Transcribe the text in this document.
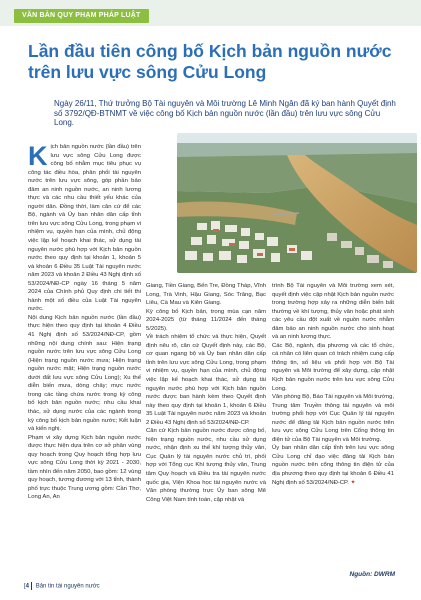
VĂN BẢN QUY PHẠM PHÁP LUẬT
Lần đầu tiên công bố Kịch bản nguồn nước trên lưu vực sông Cửu Long

Ngày 26/11, Thứ trưởng Bộ Tài nguyên và Môi trường Lê Minh Ngân đã ký ban hành Quyết định số 3792/QĐ-BTNMT về việc công bố Kịch bản nguồn nước (lần đầu) trên lưu vực sông Cửu Long.

Kịch bản nguồn nước (lần đầu) trên lưu vực sông Cửu Long được công bố nhằm mục tiêu phục vụ công tác điều hòa, phân phối tài nguyên nước trên lưu vực sông, góp phần bảo đảm an ninh nguồn nước, an ninh lương thực và các nhu cầu thiết yếu khác của người dân. Đồng thời, làm căn cứ để các Bộ, ngành và Ủy ban nhân dân cấp tỉnh trên lưu vực sông Cửu Long, trong phạm vi nhiệm vụ, quyền hạn của mình, chủ động việc lập kế hoạch khai thác, sử dụng tài nguyên nước phù hợp với Kịch bản nguồn nước theo quy định tại khoản 1, khoản 5 và khoản 6 Điều 35 Luật Tài nguyên nước năm 2023 và khoản 2 Điều 43 Nghị định số 53/2024/NĐ-CP ngày 16 tháng 5 năm 2024 của Chính phủ Quy định chi tiết thi hành một số điều của Luật Tài nguyên nước.

Nội dung Kịch bản nguồn nước (lần đầu) thực hiện theo quy định tại khoản 4 Điều 41 Nghị định số 53/2024/NĐ-CP, gồm những nội dung chính sau: Hiện trạng nguồn nước trên lưu vực sông Cửu Long (Hiện trạng nguồn nước mưa; Hiện trạng nguồn nước mặt; Hiện trạng nguồn nước dưới đất lưu vực sông Cửu Long); Xu thế diễn biến mưa, dòng chảy; mực nước trong các tầng chứa nước trong kỳ công bố kịch bản nguồn nước; nhu cầu khai thác, sử dụng nước của các ngành trong kỳ công bố kịch bản nguồn nước; Kết luận và kiến nghị.

Phạm vi xây dựng Kịch bản nguồn nước được thực hiện dựa trên cơ sở phân vùng quy hoạch trong Quy hoạch tổng hợp lưu vực sông Cửu Long thời kỳ 2021 - 2030, tầm nhìn đến năm 2050, bao gồm: 12 vùng quy hoạch, tương đương với 13 tỉnh, thành phố trực thuộc Trung ương gồm: Cần Thơ, Long An, An

Giang, Tiền Giang, Bến Tre, Đồng Tháp, Vĩnh Long, Trà Vinh, Hậu Giang, Sóc Trăng, Bạc Liêu, Cà Mau và Kiên Giang.

Kỳ công bố Kịch bản, trong mùa cạn năm 2024-2025 (từ tháng 11/2024 đến tháng 5/2025).

Về trách nhiệm tổ chức và thực hiện, Quyết định nêu rõ, căn cứ Quyết định này, các Bộ, cơ quan ngang bộ và Ủy ban nhân dân cấp tỉnh trên lưu vực sông Cửu Long, trong phạm vi nhiệm vụ, quyền hạn của mình, chủ động việc lập kế hoạch khai thác, sử dụng tài nguyên nước phù hợp với Kịch bản nguồn nước được ban hành kèm theo Quyết định này theo quy định tại khoản 1, khoản 6 Điều 35 Luật Tài nguyên nước năm 2023 và khoản 2 Điều 43 Nghị định số 53/2024/NĐ-CP.

Căn cứ Kịch bản nguồn nước được công bố, hiện trạng nguồn nước, nhu cầu sử dụng nước, nhận định xu thế khí tượng thủy văn, Cục Quản lý tài nguyên nước chủ trì, phối hợp với Tổng cục Khí tượng thủy văn, Trung tâm Quy hoạch và Điều tra tài nguyên nước quốc gia, Viện Khoa học tài nguyên nước và Văn phòng thường trực Ủy ban sông Mê Công Việt Nam tính toán, cập nhật và

trình Bộ Tài nguyên và Môi trường xem xét, quyết định việc cập nhật Kịch bản nguồn nước trong trường hợp xảy ra những diễn biến bất thường về khí tượng, thủy văn hoặc phát sinh các yêu cầu đột xuất về nguồn nước nhằm đảm bảo an ninh nguồn nước cho sinh hoạt và an ninh lương thực.

Các Bộ, ngành, địa phương và các tổ chức, cá nhân có liên quan có trách nhiệm cung cấp thông tin, số liệu và phối hợp với Bộ Tài nguyên và Môi trường để xây dựng, cập nhật Kịch bản nguồn nước trên lưu vực sông Cửu Long.

Văn phòng Bộ, Báo Tài nguyên và Môi trường, Trung tâm Truyền thông tài nguyên và môi trường phối hợp với Cục Quản lý tài nguyên nước để đăng tải Kịch bản nguồn nước trên lưu vực sông Cửu Long trên Cổng thông tin điện tử của Bộ Tài nguyên và Môi trường.

Ủy ban nhân dân cấp tỉnh trên lưu vực sông Cửu Long chỉ đạo việc đăng tải Kịch bản nguồn nước trên cổng thông tin điện tử của địa phương theo quy định tại khoản 6 Điều 41 Nghị định số 53/2024/NĐ-CP. ✦

Nguồn: DWRM
[4 Bản tin tài nguyên nước
